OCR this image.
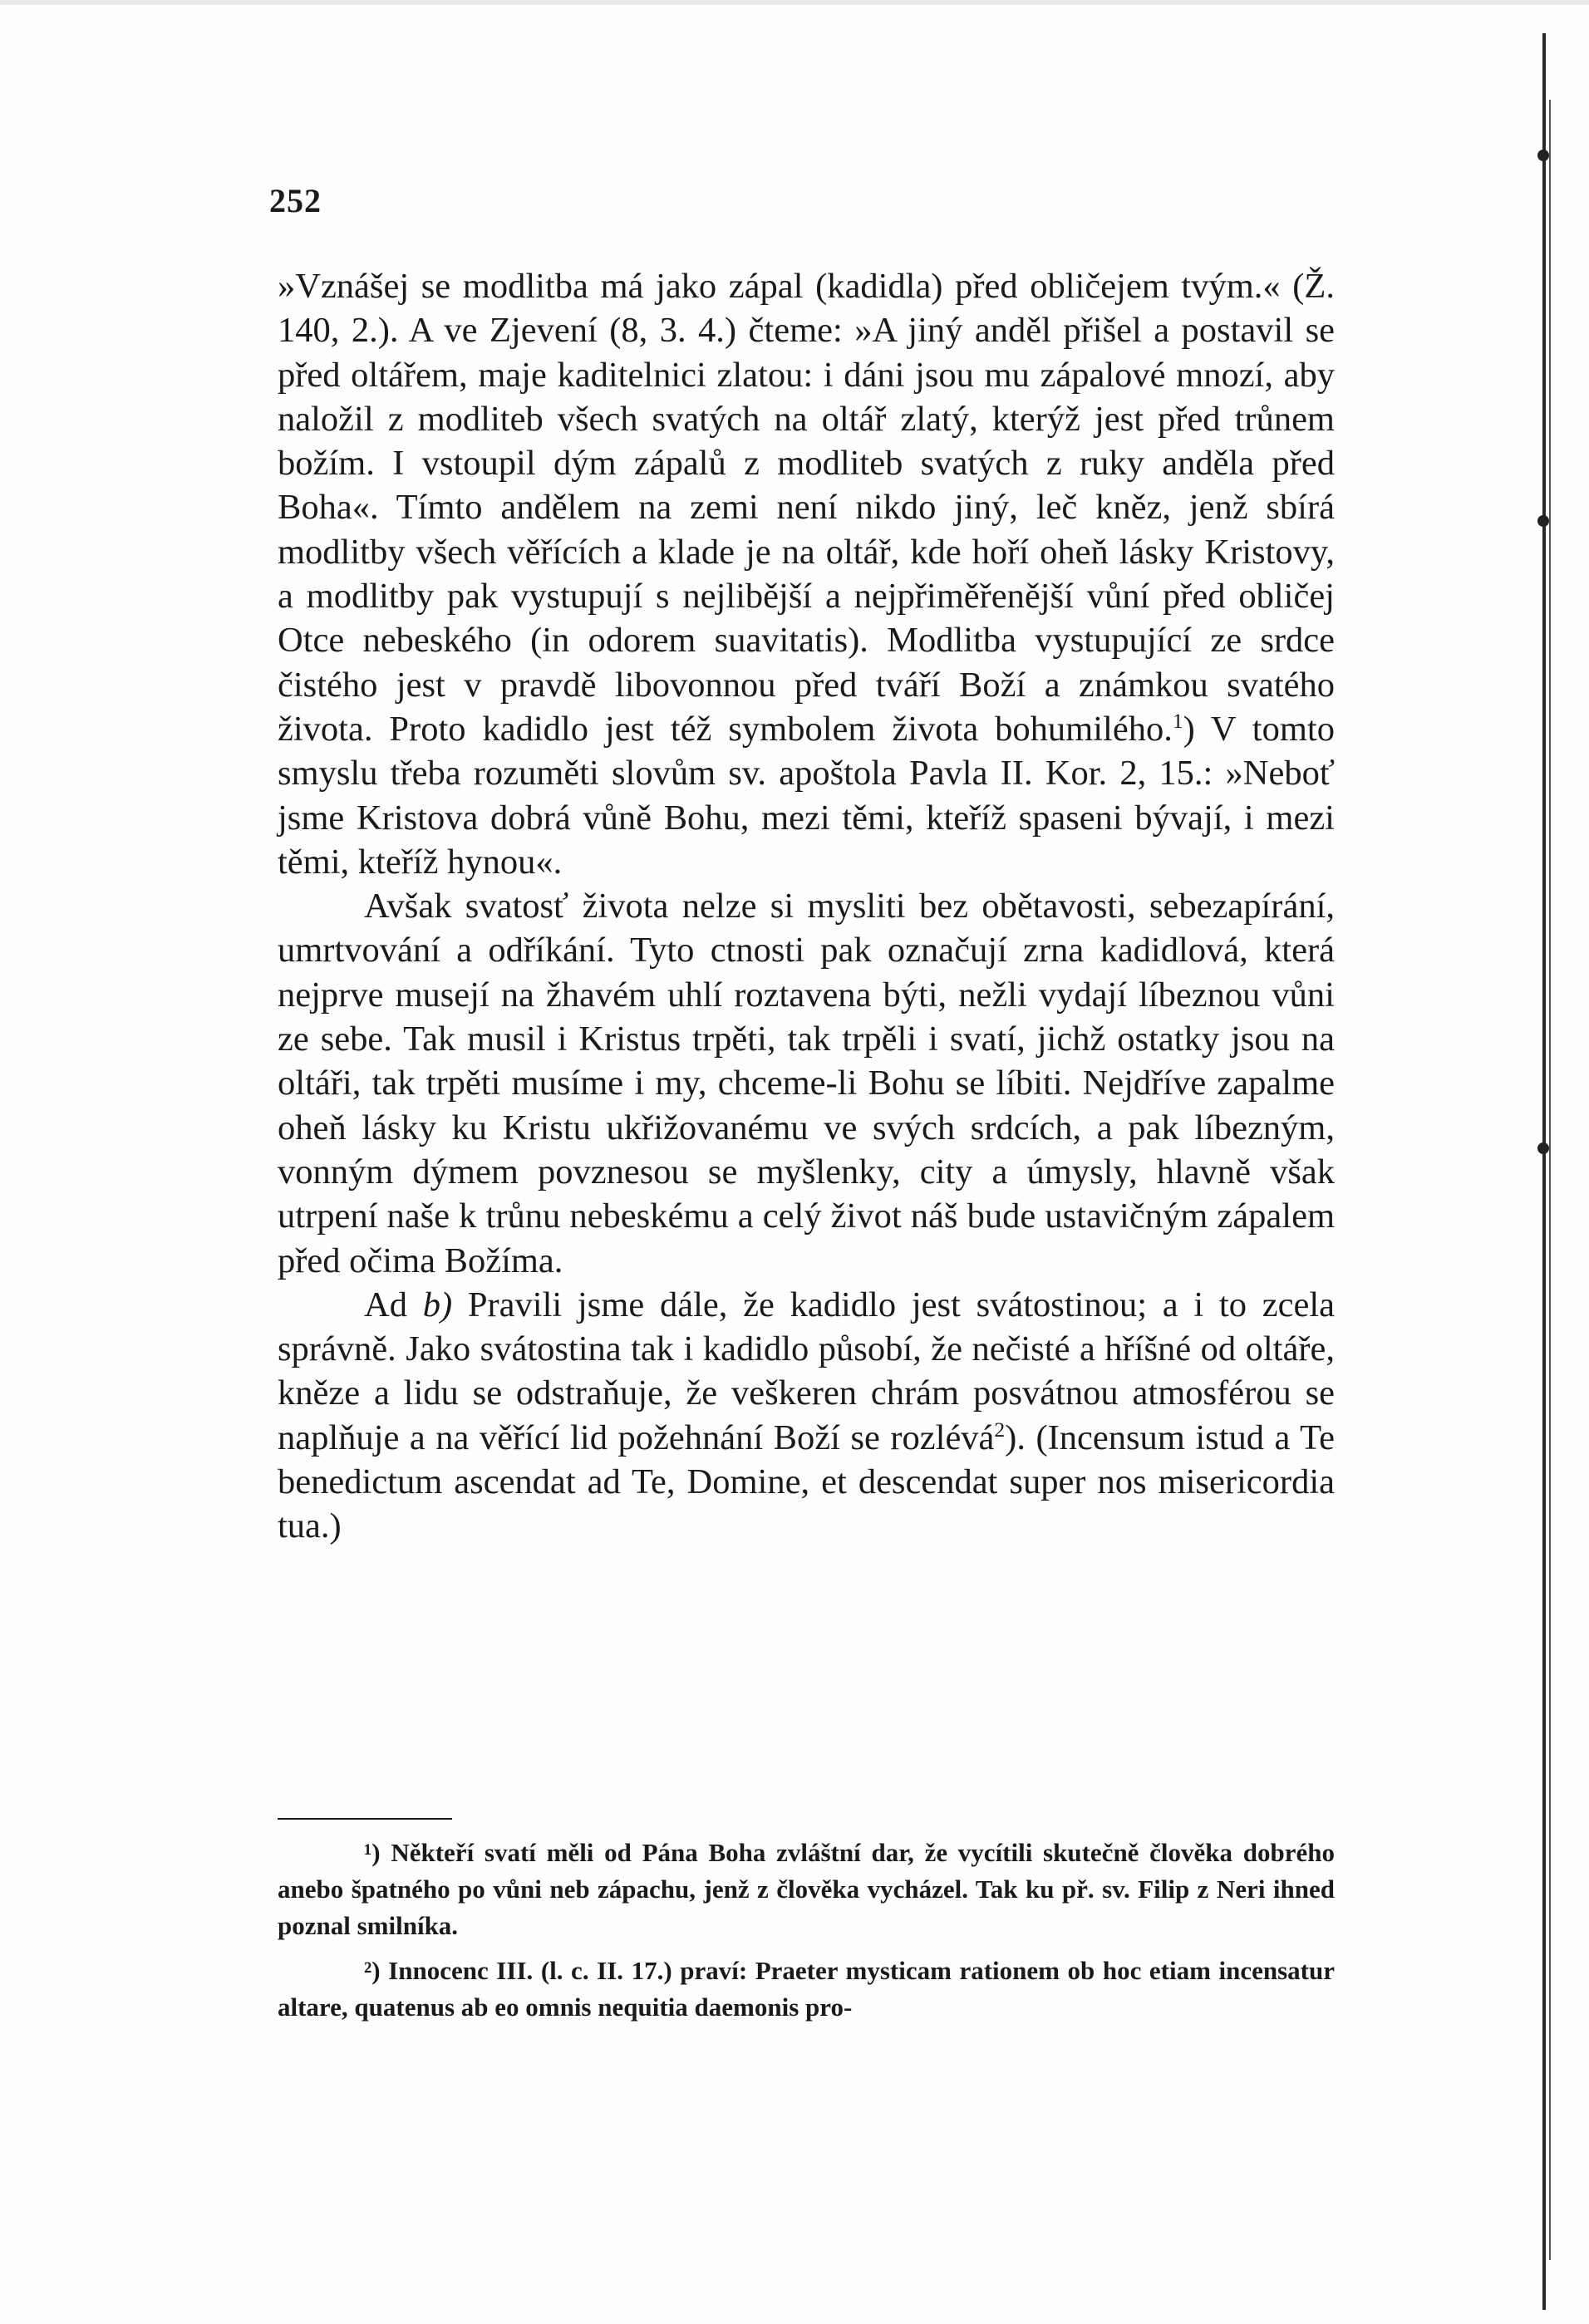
252

»Vznášej se modlitba má jako zápal (kadidla) před obličejem tvým.« (Ž. 140, 2.). A ve Zjevení (8, 3. 4.) čteme: »A jiný anděl přišel a postavil se před oltářem, maje kaditelnici zlatou: i dáni jsou mu zápalové mnozí, aby naložil z modliteb všech svatých na oltář zlatý, kterýž jest před trůnem božím. I vstoupil dým zápalů z modliteb svatých z ruky anděla před Boha«. Tímto andělem na zemi není nikdo jiný, leč kněz, jenž sbírá modlitby všech věřících a klade je na oltář, kde hoří oheň lásky Kristovy, a modlitby pak vystupují s nejlibější a nejpřiměřenější vůní před obličej Otce nebeského (in odorem suavitatis). Modlitba vystupující ze srdce čistého jest v pravdě libovonnou před tváří Boží a známkou svatého života. Proto kadidlo jest též symbolem života bohumilého.$^1$) V tomto smyslu třeba rozuměti slovům sv. apoštola Pavla II. Kor. 2, 15.: »Neboť jsme Kristova dobrá vůně Bohu, mezi těmi, kteříž spaseni bývají, i mezi těmi, kteříž hynou«.

Avšak svatosť života nelze si mysliti bez obětavosti, sebezapírání, umrtvování a odříkání. Tyto ctnosti pak označují zrna kadidlová, která nejprve musejí na žhavém uhlí roztavena býti, nežli vydají líbeznou vůni ze sebe. Tak musil i Kristus trpěti, tak trpěli i svatí, jichž ostatky jsou na oltáři, tak trpěti musíme i my, chceme-li Bohu se líbiti. Nejdříve zapalme oheň lásky ku Kristu ukřižovanému ve svých srdcích, a pak líbezným, vonným dýmem povznesou se myšlenky, city a úmysly, hlavně však utrpení naše k trůnu nebeskému a celý život náš bude ustavičným zápalem před očima Božíma.

Ad b) Pravili jsme dále, že kadidlo jest svátostinou; a i to zcela správně. Jako svátostina tak i kadidlo působí, že nečisté a hříšné od oltáře, kněze a lidu se odstraňuje, že veškeren chrám posvátnou atmosférou se naplňuje a na věřící lid požehnání Boží se rozlévá$^2$). (Incensum istud a Te benedictum ascendat ad Te, Domine, et descendat super nos misericordia tua.)

¹) Někteří svatí měli od Pána Boha zvláštní dar, že vycítili skutečně člověka dobrého anebo špatného po vůni neb zápachu, jenž z člověka vycházel. Tak ku př. sv. Filip z Neri ihned poznal smilníka.

²) Innocenc III. (l. c. II. 17.) praví: Praeter mysticam rationem ob hoc etiam incensatur altare, quatenus ab eo omnis nequitia daemonis pro-
